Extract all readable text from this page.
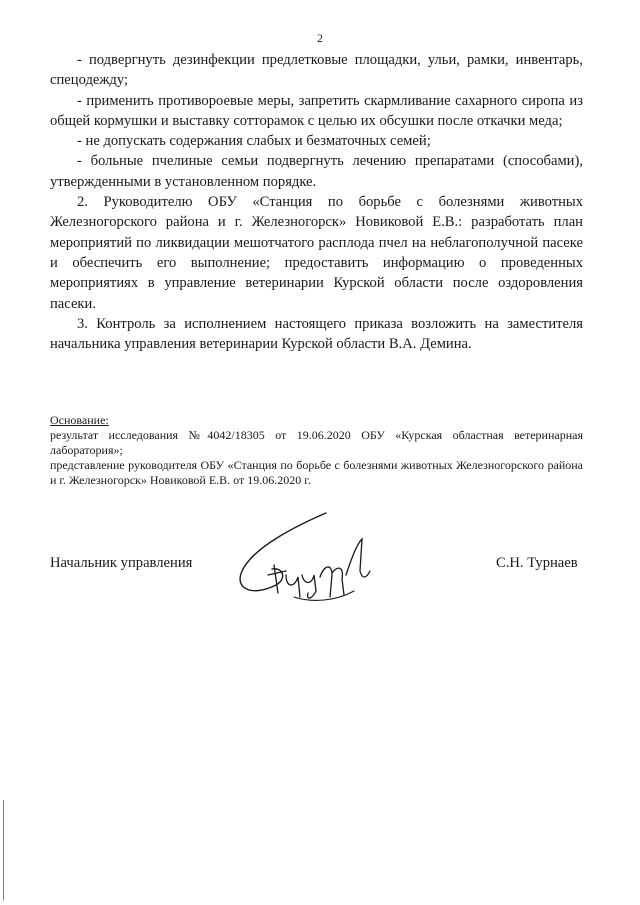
2

- подвергнуть дезинфекции предлетковые площадки, ульи, рамки, инвентарь, спецодежду;

- применить противороевые меры, запретить скармливание сахарного сиропа из общей кормушки и выставку сотторамок с целью их обсушки после откачки меда;

- не допускать содержания слабых и безматочных семей;

- больные пчелиные семьи подвергнуть лечению препаратами (способами), утвержденными в установленном порядке.

2. Руководителю ОБУ «Станция по борьбе с болезнями животных Железногорского района и г. Железногорск» Новиковой Е.В.: разработать план мероприятий по ликвидации мешотчатого расплода пчел на неблагополучной пасеке и обеспечить его выполнение; предоставить информацию о проведенных мероприятиях в управление ветеринарии Курской области после оздоровления пасеки.

3. Контроль за исполнением настоящего приказа возложить на заместителя начальника управления ветеринарии Курской области В.А. Демина.

Основание:

результат исследования №4042/18305 от 19.06.2020 ОБУ «Курская областная ветеринарная лаборатория»;

представление руководителя ОБУ «Станция по борьбе с болезнями животных Железногорского района и г. Железногорск» Новиковой Е.В. от 19.06.2020 г.

Начальник управления	С.Н. Турнаев
